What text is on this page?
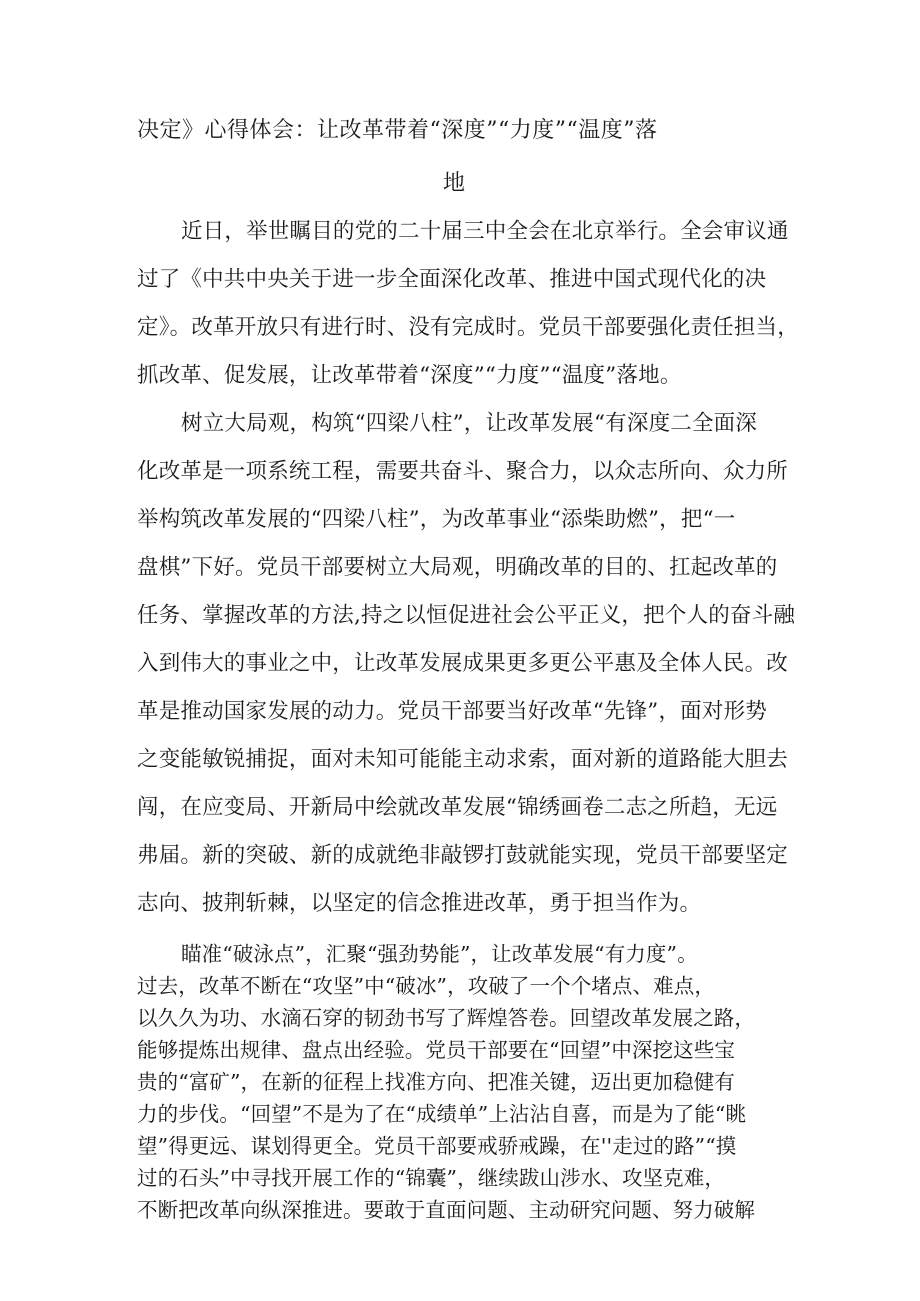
决定》心得体会：让改革带着“深度”“力度”“温度”落
地
近日，举世瞩目的党的二十届三中全会在北京举行。全会审议通
过了《中共中央关于进一步全面深化改革、推进中国式现代化的决
定》。改革开放只有进行时、没有完成时。党员干部要强化责任担当，
抓改革、促发展，让改革带着“深度”“力度”“温度”落地。
树立大局观，构筑“四梁八柱”，让改革发展“有深度二全面深
化改革是一项系统工程，需要共奋斗、聚合力，以众志所向、众力所
举构筑改革发展的“四梁八柱”，为改革事业“添柴助燃”，把“一
盘棋”下好。党员干部要树立大局观，明确改革的目的、扛起改革的
任务、掌握改革的方法,持之以恒促进社会公平正义，把个人的奋斗融
入到伟大的事业之中，让改革发展成果更多更公平惠及全体人民。改
革是推动国家发展的动力。党员干部要当好改革“先锋”，面对形势
之变能敏锐捕捉，面对未知可能能主动求索，面对新的道路能大胆去
闯，在应变局、开新局中绘就改革发展“锦绣画卷二志之所趋，无远
弗届。新的突破、新的成就绝非敲锣打鼓就能实现，党员干部要坚定
志向、披荆斩棘，以坚定的信念推进改革，勇于担当作为。
瞄准“破泳点”，汇聚“强劲势能”，让改革发展“有力度”。
过去，改革不断在“攻坚”中“破冰”，攻破了一个个堵点、难点，
以久久为功、水滴石穿的韧劲书写了辉煌答卷。回望改革发展之路，
能够提炼出规律、盘点出经验。党员干部要在“回望”中深挖这些宝
贵的“富矿”，在新的征程上找准方向、把准关键，迈出更加稳健有
力的步伐。“回望”不是为了在“成绩单”上沾沾自喜，而是为了能“眺
望”得更远、谋划得更全。党员干部要戒骄戒躁，在''走过的路”“摸
过的石头”中寻找开展工作的“锦囊”，继续跋山涉水、攻坚克难，
不断把改革向纵深推进。要敢于直面问题、主动研究问题、努力破解
